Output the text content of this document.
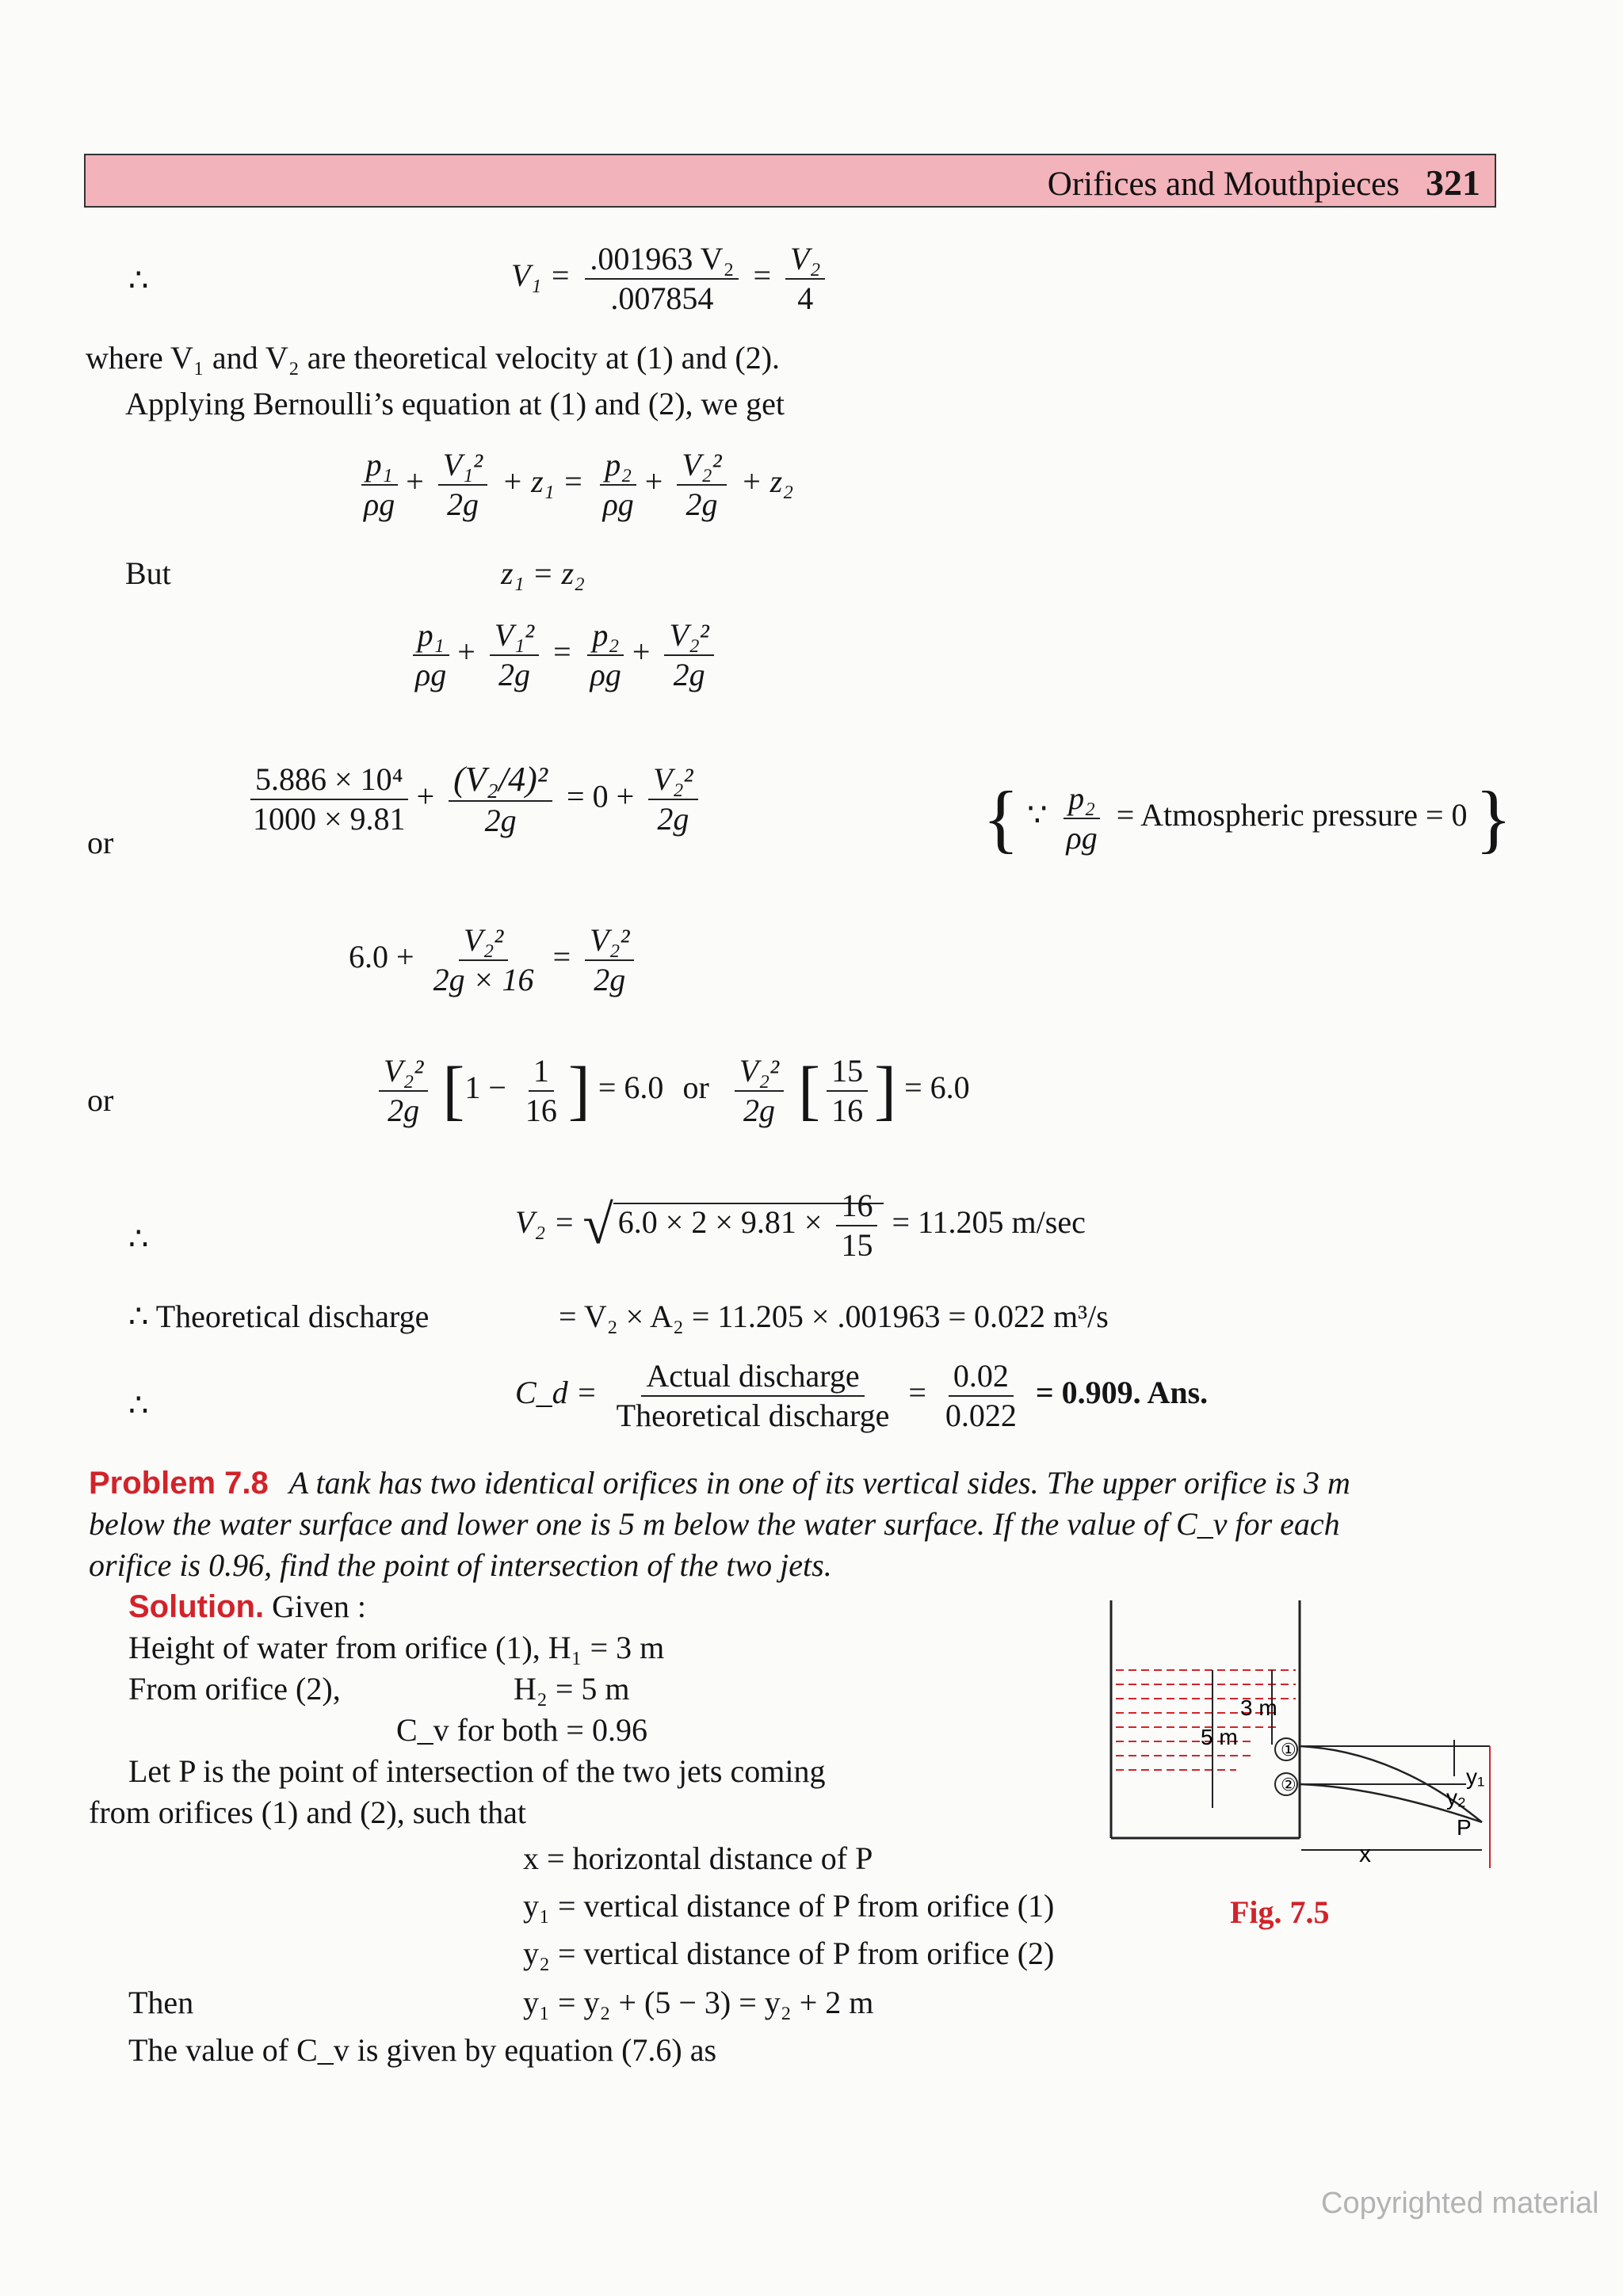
Orifices and Mouthpieces 321
∴	$V_1 = \frac{\text{.001963 V₂}}{.007854} = \frac{\text{V₂}}{4}$
where V₁ and V₂ are theoretical velocity at (1) and (2).
Applying Bernoulli’s equation at (1) and (2), we get
$\frac{\text{p₁}}{\rho g} + \frac{\text{V₁²}}{2g} + z_1 = \frac{\text{p₂}}{\rho g} + \frac{\text{V₂²}}{2g} + z_2$
But	z₁ = z₂
$\frac{\text{p₁}}{\rho g} + \frac{\text{V₁²}}{2g} = \frac{\text{p₂}}{\rho g} + \frac{\text{V₂²}}{2g}$
or
$\frac{\text{5.886 × 10⁴}}{1000 \times 9.81} + \frac{\text{(V₂/4)²}}{2g} = 0 + \frac{\text{V₂²}}{2g}$	{ ∵ $\frac{\text{p₂}}{\rho g}$ = Atmospheric pressure = 0 }
$6.0 + \frac{\text{V₂²}}{2g \times 16} = \frac{\text{V₂²}}{2g}$
or	$\frac{\text{V₂²}}{2g} [1 - \frac{1}{16}$ ] = 6.0 or $\frac{\text{V₂²}}{2g}$ [ $\frac{15}{16}$ ] = 6.0
∴	V₂ = √ $6.0 \times 2 \times 9.81 \times \frac{16}{15} = 11.205$ m/sec
∴ Theoretical discharge	= V₂ × A₂ = 11.205 × .001963 = 0.022 m³/s
∴	C_d = $\frac{\text{Actual discharge}}{\text{Theoretical discharge}} = \frac{0.02}{0.022} = 0.909$. Ans.
Problem 7.8 A tank has two identical orifices in one of its vertical sides. The upper orifice is 3 m
below the water surface and lower one is 5 m below the water surface. If the value of C_v for each
orifice is 0.96, find the point of intersection of the two jets.
Solution. Given :
Height of water from orifice (1), H₁ = 3 m
From orifice (2),	H₂ = 5 m
C_v for both = 0.96
Let P is the point of intersection of the two jets coming
from orifices (1) and (2), such that
x = horizontal distance of P
y₁ = vertical distance of P from orifice (1)
y₂ = vertical distance of P from orifice (2)
Then	y₁ = y₂ + (5 − 3) = y₂ + 2 m
The value of C_v is given by equation (7.6) as
①
②
3 m
5 m
x
y₁
y₂
P
Fig. 7.5
Copyrighted material
